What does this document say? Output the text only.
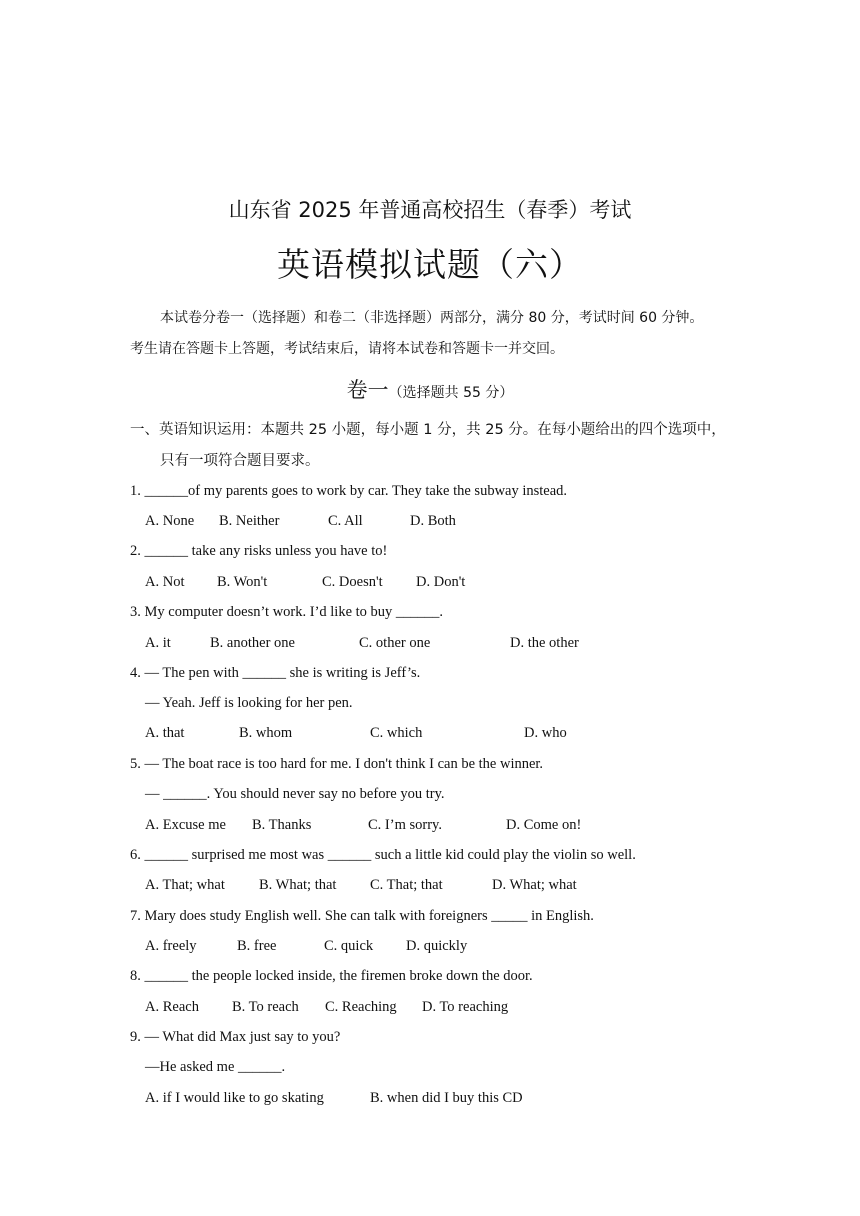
山东省 2025 年普通高校招生（春季）考试
英语模拟试题（六）
本试卷分卷一（选择题）和卷二（非选择题）两部分，满分 80 分，考试时间 60 分钟。
考生请在答题卡上答题，考试结束后，请将本试卷和答题卡一并交回。
卷一（选择题共 55 分）
一、英语知识运用：本题共 25 小题，每小题 1 分，共 25 分。在每小题给出的四个选项中，
只有一项符合题目要求。
1. ______of my parents goes to work by car. They take the subway instead.
A. None B. Neither	C. All	D. Both
2. ______ take any risks unless you have to!
A. Not B. Won't	C. Doesn't D. Don't
3. My computer doesn’t work. I’d like to buy ______.
A. it	B. another one	C. other one	D. the other
4. — The pen with ______ she is writing is Jeff’s.
— Yeah. Jeff is looking for her pen.
A. that	B. whom	C. which	D. who
5. — The boat race is too hard for me. I don't think I can be the winner.
— ______. You should never say no before you try.
A. Excuse me B. Thanks	C. I’m sorry.	D. Come on!
6. ______ surprised me most was ______ such a little kid could play the violin so well.
A. That; what B. What; that C. That; that	D. What; what
7. Mary does study English well. She can talk with foreigners _____ in English.
A. freely	B. free	C. quick D. quickly
8. ______ the people locked inside, the firemen broke down the door.
A. Reach B. To reach C. Reaching D. To reaching
9. — What did Max just say to you?
—He asked me ______.
A. if I would like to go skating	B. when did I buy this CD
